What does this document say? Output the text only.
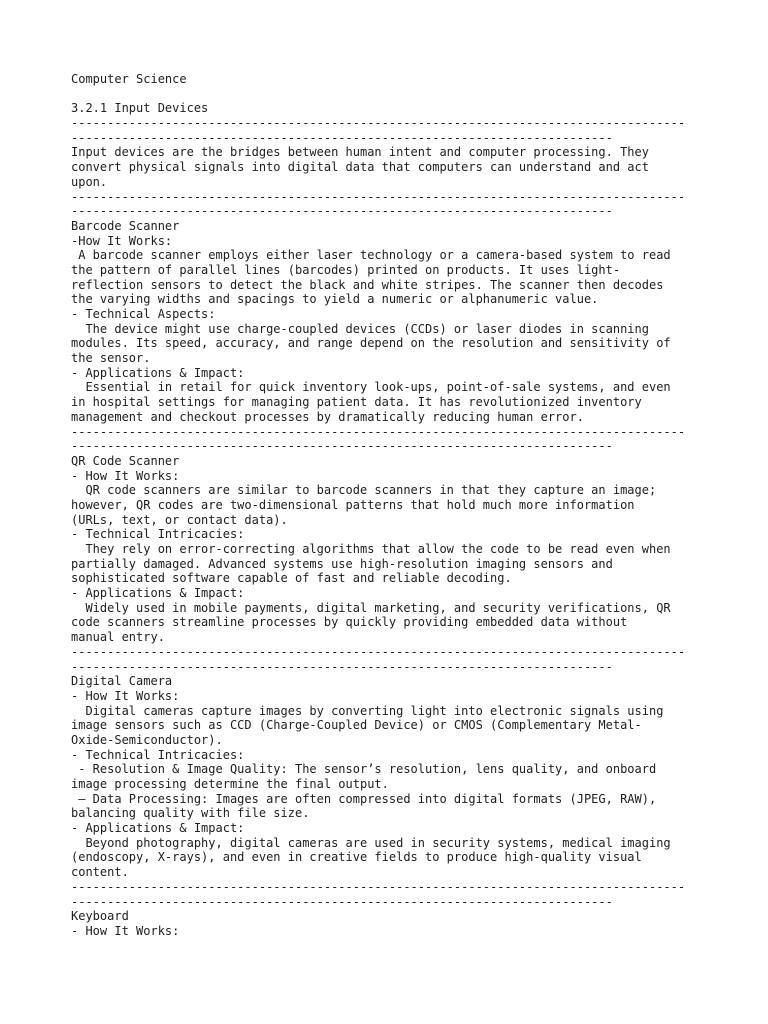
Computer Science
3.2.1 Input Devices
-------------------------------------------------------------------------------------
---------------------------------------------------------------------------
Input devices are the bridges between human intent and computer processing. They
convert physical signals into digital data that computers can understand and act
upon.
-------------------------------------------------------------------------------------
---------------------------------------------------------------------------
Barcode Scanner
-How It Works:
A barcode scanner employs either laser technology or a camera-based system to read
the pattern of parallel lines (barcodes) printed on products. It uses light-
reflection sensors to detect the black and white stripes. The scanner then decodes
the varying widths and spacings to yield a numeric or alphanumeric value.
- Technical Aspects:
The device might use charge-coupled devices (CCDs) or laser diodes in scanning
modules. Its speed, accuracy, and range depend on the resolution and sensitivity of
the sensor.
- Applications & Impact:
Essential in retail for quick inventory look-ups, point-of-sale systems, and even
in hospital settings for managing patient data. It has revolutionized inventory
management and checkout processes by dramatically reducing human error.
-------------------------------------------------------------------------------------
---------------------------------------------------------------------------
QR Code Scanner
- How It Works:
QR code scanners are similar to barcode scanners in that they capture an image;
however, QR codes are two-dimensional patterns that hold much more information
(URLs, text, or contact data).
- Technical Intricacies:
They rely on error-correcting algorithms that allow the code to be read even when
partially damaged. Advanced systems use high-resolution imaging sensors and
sophisticated software capable of fast and reliable decoding.
- Applications & Impact:
Widely used in mobile payments, digital marketing, and security verifications, QR
code scanners streamline processes by quickly providing embedded data without
manual entry.
-------------------------------------------------------------------------------------
---------------------------------------------------------------------------
Digital Camera
- How It Works:
Digital cameras capture images by converting light into electronic signals using
image sensors such as CCD (Charge-Coupled Device) or CMOS (Complementary Metal-
Oxide-Semiconductor).
- Technical Intricacies:
- Resolution & Image Quality: The sensor’s resolution, lens quality, and onboard
image processing determine the final output.
– Data Processing: Images are often compressed into digital formats (JPEG, RAW),
balancing quality with file size.
- Applications & Impact:
Beyond photography, digital cameras are used in security systems, medical imaging
(endoscopy, X-rays), and even in creative fields to produce high-quality visual
content.
-------------------------------------------------------------------------------------
---------------------------------------------------------------------------
Keyboard
- How It Works:
